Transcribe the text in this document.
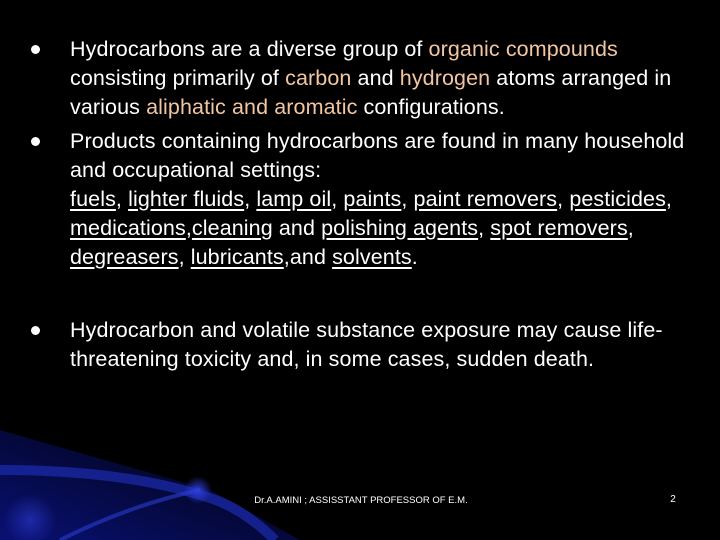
Hydrocarbons are a diverse group of organic compounds consisting primarily of carbon and hydrogen atoms arranged in various aliphatic and aromatic configurations.
Products containing hydrocarbons are found in many household and occupational settings:
fuels, lighter fluids, lamp oil, paints, paint removers, pesticides, medications,cleaning and polishing agents, spot removers, degreasers, lubricants,and solvents.
Hydrocarbon and volatile substance exposure may cause life-threatening toxicity and, in some cases, sudden death.
Dr.A.AMINI ; ASSISSTANT PROFESSOR OF E.M.	2
